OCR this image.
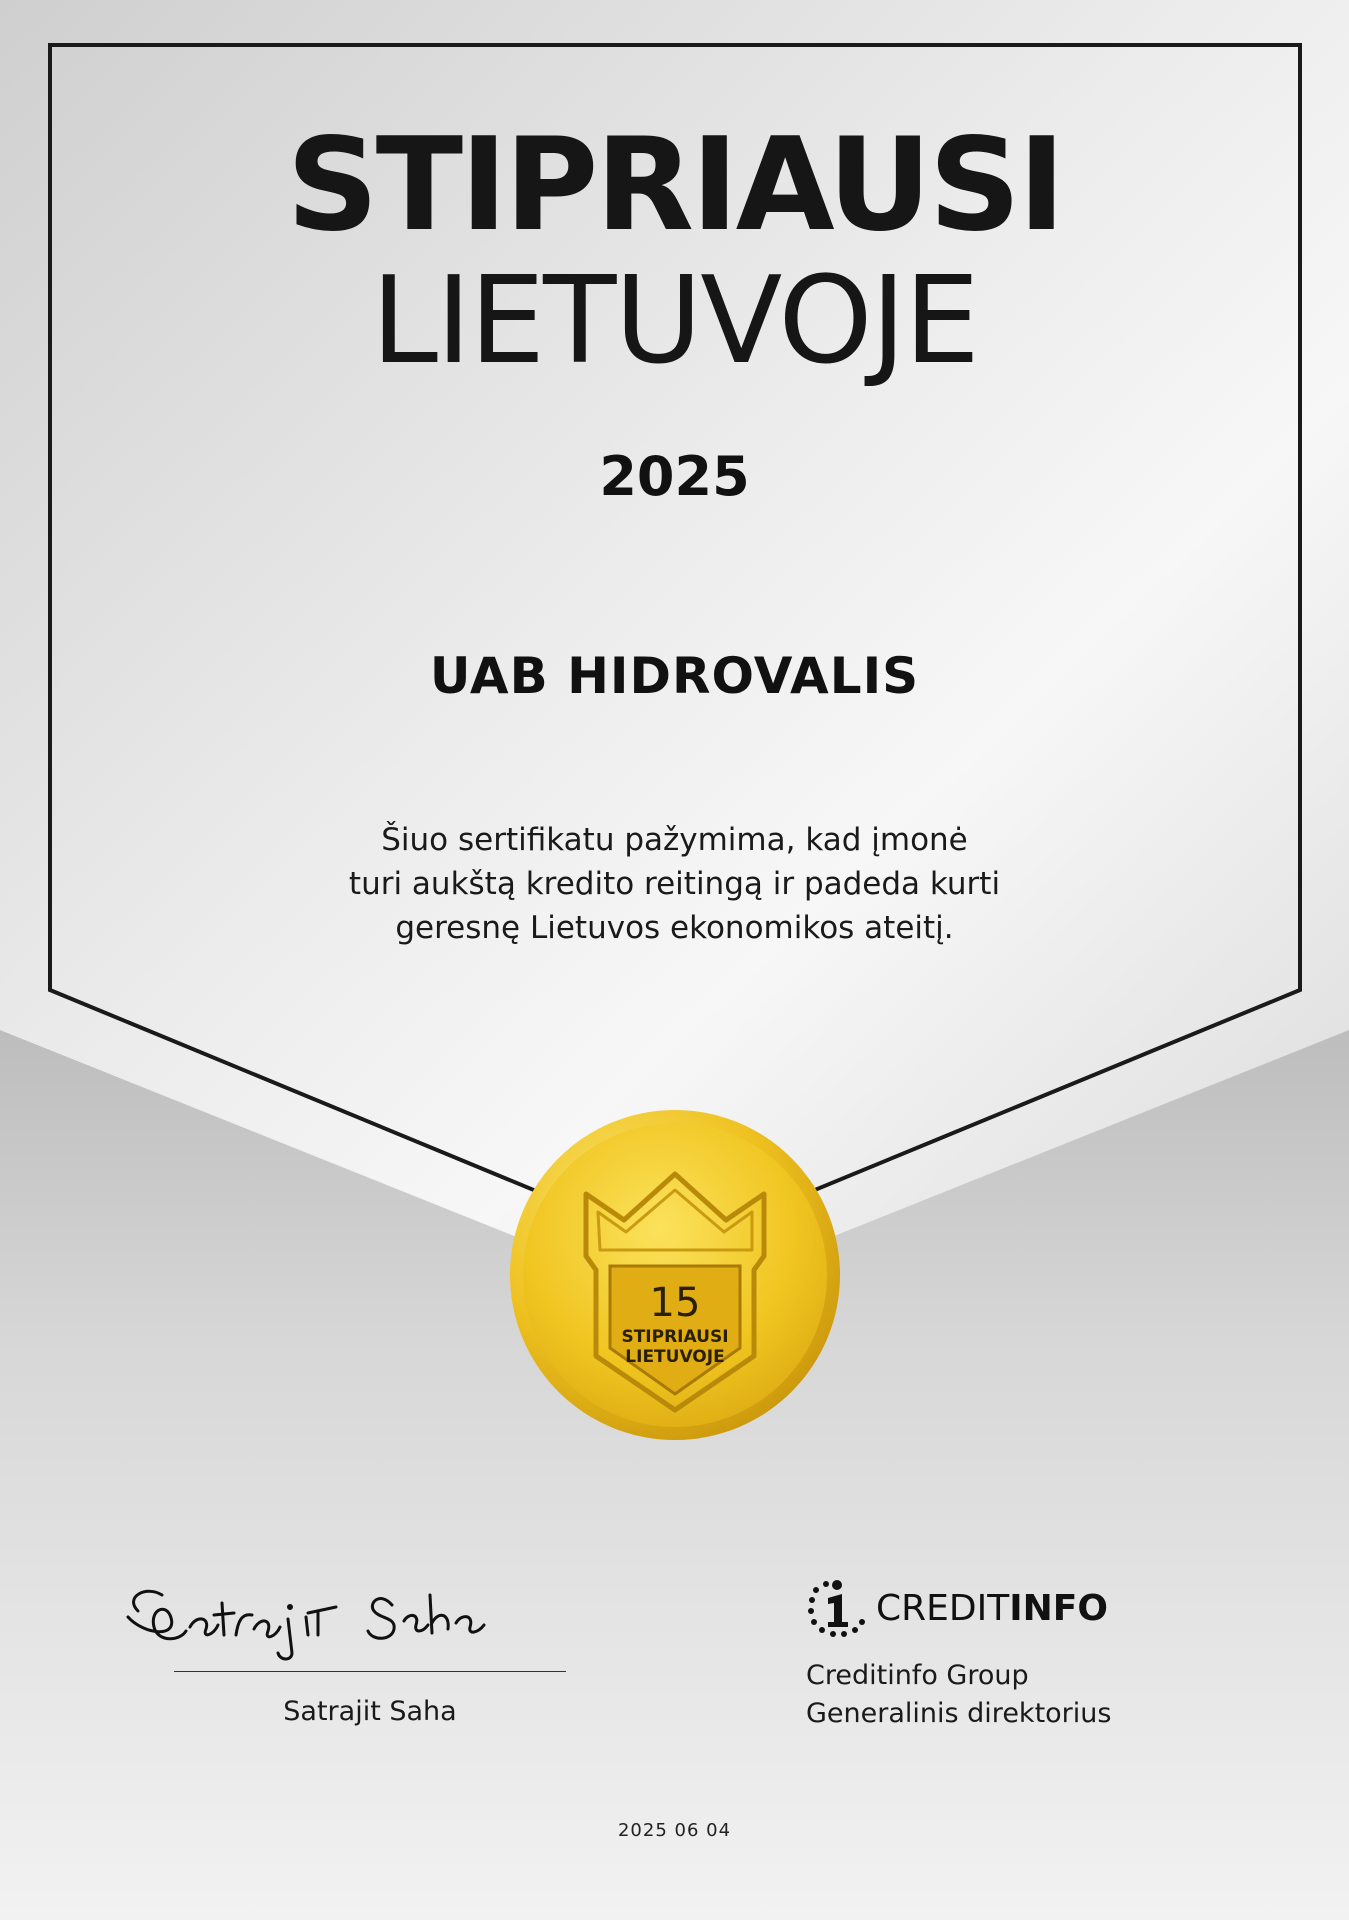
STIPRIAUSI
LIETUVOJE
2025
UAB HIDROVALIS
Šiuo sertifikatu pažymima, kad įmonė
turi aukštą kredito reitingą ir padeda kurti
geresnę Lietuvos ekonomikos ateitį.
15
STIPRIAUSI
LIETUVOJE
Satrajit Saha
CREDITINFO
Creditinfo Group
Generalinis direktorius
2025 06 04
